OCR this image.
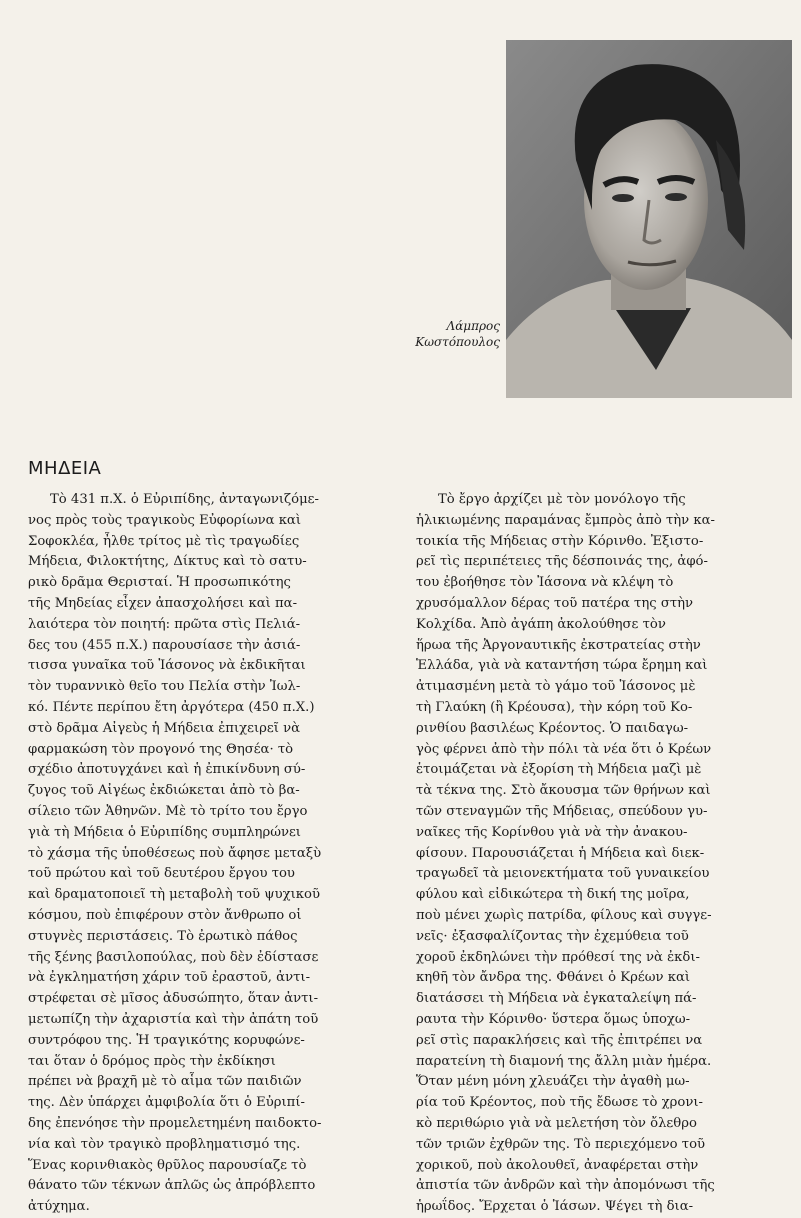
Λάμπρος
Κωστόπουλος
ΜΗΔΕΙΑ
Τὸ 431 π.Χ. ὁ Εὐριπίδης, ἀνταγωνιζόμε-
νος πρὸς τοὺς τραγικοὺς Εὐφορίωνα καὶ
Σοφοκλέα, ἦλθε τρίτος μὲ τὶς τραγωδίες
Μήδεια, Φιλοκτήτης, Δίκτυς καὶ τὸ σατυ-
ρικὸ δρᾶμα Θερισταί. Ἡ προσωπικότης
τῆς Μηδείας εἶχεν ἀπασχολήσει καὶ πα-
λαιότερα τὸν ποιητή: πρῶτα στὶς Πελιά-
δες του (455 π.Χ.) παρουσίασε τὴν ἀσιά-
τισσα γυναῖκα τοῦ Ἰάσονος νὰ ἐκδικῆται
τὸν τυραννικὸ θεῖο του Πελία στὴν Ἰωλ-
κό. Πέντε περίπου ἔτη ἀργότερα (450 π.Χ.)
στὸ δρᾶμα Αἰγεὺς ἡ Μήδεια ἐπιχειρεῖ νὰ
φαρμακώση τὸν προγονό της Θησέα· τὸ
σχέδιο ἀποτυγχάνει καὶ ἡ ἐπικίνδυνη σύ-
ζυγος τοῦ Αἰγέως ἐκδιώκεται ἀπὸ τὸ βα-
σίλειο τῶν Ἀθηνῶν. Μὲ τὸ τρίτο του ἔργο
γιὰ τὴ Μήδεια ὁ Εὐριπίδης συμπληρώνει
τὸ χάσμα τῆς ὑποθέσεως ποὺ ἄφησε μεταξὺ
τοῦ πρώτου καὶ τοῦ δευτέρου ἔργου του
καὶ δραματοποιεῖ τὴ μεταβολὴ τοῦ ψυχικοῦ
κόσμου, ποὺ ἐπιφέρουν στὸν ἄνθρωπο οἱ
στυγνὲς περιστάσεις. Τὸ ἐρωτικὸ πάθος
τῆς ξένης βασιλοπούλας, ποὺ δὲν ἐδίστασε
νὰ ἐγκληματήση χάριν τοῦ ἐραστοῦ, ἀντι-
στρέφεται σὲ μῖσος ἀδυσώπητο, ὅταν ἀντι-
μετωπίζη τὴν ἀχαριστία καὶ τὴν ἀπάτη τοῦ
συντρόφου της. Ἡ τραγικότης κορυφώνε-
ται ὅταν ὁ δρόμος πρὸς τὴν ἐκδίκησι
πρέπει νὰ βραχῆ μὲ τὸ αἷμα τῶν παιδιῶν
της. Δὲν ὑπάρχει ἀμφιβολία ὅτι ὁ Εὐριπί-
δης ἐπενόησε τὴν προμελετημένη παιδοκτο-
νία καὶ τὸν τραγικὸ προβληματισμό της.
Ἕνας κορινθιακὸς θρῦλος παρουσίαζε τὸ
θάνατο τῶν τέκνων ἁπλῶς ὡς ἀπρόβλεπτο
ἀτύχημα.
Τὸ ἔργο ἀρχίζει μὲ τὸν μονόλογο τῆς
ἡλικιωμένης παραμάνας ἔμπρὸς ἀπὸ τὴν κα-
τοικία τῆς Μήδειας στὴν Κόρινθο. Ἐξιστο-
ρεῖ τὶς περιπέτειες τῆς δέσποινάς της, ἀφό-
του ἐβοήθησε τὸν Ἰάσονα νὰ κλέψη τὸ
χρυσόμαλλον δέρας τοῦ πατέρα της στὴν
Κολχίδα. Ἀπὸ ἀγάπη ἀκολούθησε τὸν
ἥρωα τῆς Ἀργοναυτικῆς ἐκστρατείας στὴν
Ἑλλάδα, γιὰ νὰ καταντήση τώρα ἔρημη καὶ
ἀτιμασμένη μετὰ τὸ γάμο τοῦ Ἰάσονος μὲ
τὴ Γλαύκη (ἢ Κρέουσα), τὴν κόρη τοῦ Κο-
ρινθίου βασιλέως Κρέοντος. Ὁ παιδαγω-
γὸς φέρνει ἀπὸ τὴν πόλι τὰ νέα ὅτι ὁ Κρέων
ἑτοιμάζεται νὰ ἐξορίση τὴ Μήδεια μαζὶ μὲ
τὰ τέκνα της. Στὸ ἄκουσμα τῶν θρήνων καὶ
τῶν στεναγμῶν τῆς Μήδειας, σπεύδουν γυ-
ναῖκες τῆς Κορίνθου γιὰ νὰ τὴν ἀνακου-
φίσουν. Παρουσιάζεται ἡ Μήδεια καὶ διεκ-
τραγωδεῖ τὰ μειονεκτήματα τοῦ γυναικείου
φύλου καὶ εἰδικώτερα τὴ δική της μοῖρα,
ποὺ μένει χωρὶς πατρίδα, φίλους καὶ συγγε-
νεῖς· ἐξασφαλίζοντας τὴν ἐχεμύθεια τοῦ
χοροῦ ἐκδηλώνει τὴν πρόθεσί της νὰ ἐκδι-
κηθῆ τὸν ἄνδρα της. Φθάνει ὁ Κρέων καὶ
διατάσσει τὴ Μήδεια νὰ ἐγκαταλείψη πά-
ραυτα τὴν Κόρινθο· ὕστερα ὅμως ὑποχω-
ρεῖ στὶς παρακλήσεις καὶ τῆς ἐπιτρέπει να
παρατείνη τὴ διαμονή της ἄλλη μιὰν ἡμέρα.
Ὅταν μένη μόνη χλευάζει τὴν ἀγαθὴ μω-
ρία τοῦ Κρέοντος, ποὺ τῆς ἔδωσε τὸ χρονι-
κὸ περιθώριο γιὰ νὰ μελετήση τὸν ὄλεθρο
τῶν τριῶν ἐχθρῶν της. Τὸ περιεχόμενο τοῦ
χορικοῦ, ποὺ ἀκολουθεῖ, ἀναφέρεται στὴν
ἀπιστία τῶν ἀνδρῶν καὶ τὴν ἀπομόνωσι τῆς
ἡρωΐδος. Ἔρχεται ὁ Ἰάσων. Ψέγει τὴ δια-
